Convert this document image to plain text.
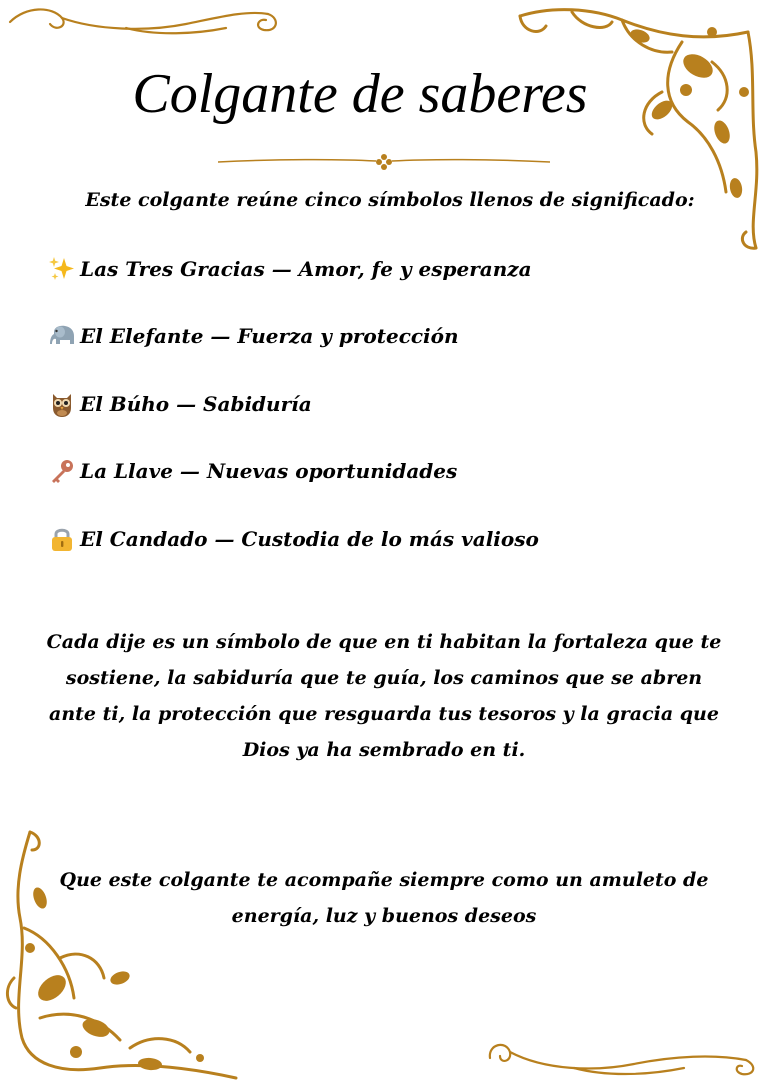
Colgante de saberes

Este colgante reúne cinco símbolos llenos de significado:

Las Tres Gracias — Amor, fe y esperanza
El Elefante — Fuerza y protección
El Búho — Sabiduría
La Llave — Nuevas oportunidades
El Candado — Custodia de lo más valioso

Cada dije es un símbolo de que en ti habitan la fortaleza que te sostiene, la sabiduría que te guía, los caminos que se abren ante ti, la protección que resguarda tus tesoros y la gracia que Dios ya ha sembrado en ti.

Que este colgante te acompañe siempre como un amuleto de energía, luz y buenos deseos
